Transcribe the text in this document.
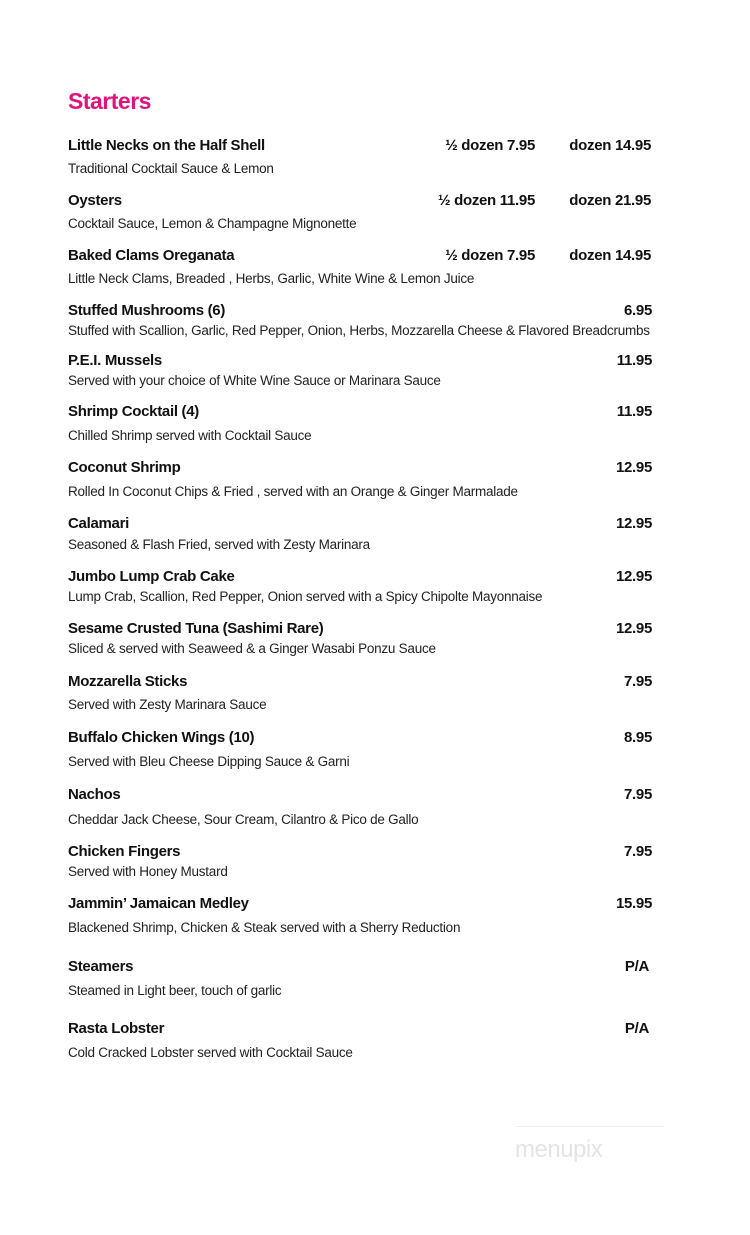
Starters
Little Necks on the Half Shell	½ dozen 7.95 dozen 14.95
Traditional Cocktail Sauce & Lemon
Oysters	½ dozen 11.95 dozen 21.95
Cocktail Sauce, Lemon & Champagne Mignonette
Baked Clams Oreganata	½ dozen 7.95 dozen 14.95
Little Neck Clams, Breaded , Herbs, Garlic, White Wine & Lemon Juice
Stuffed Mushrooms (6)	6.95
Stuffed with Scallion, Garlic, Red Pepper, Onion, Herbs, Mozzarella Cheese & Flavored Breadcrumbs
P.E.I. Mussels	11.95
Served with your choice of White Wine Sauce or Marinara Sauce
Shrimp Cocktail (4)	11.95
Chilled Shrimp served with Cocktail Sauce
Coconut Shrimp	12.95
Rolled In Coconut Chips & Fried , served with an Orange & Ginger Marmalade
Calamari	12.95
Seasoned & Flash Fried, served with Zesty Marinara
Jumbo Lump Crab Cake	12.95
Lump Crab, Scallion, Red Pepper, Onion served with a Spicy Chipolte Mayonnaise
Sesame Crusted Tuna (Sashimi Rare)	12.95
Sliced & served with Seaweed & a Ginger Wasabi Ponzu Sauce
Mozzarella Sticks	7.95
Served with Zesty Marinara Sauce
Buffalo Chicken Wings (10)	8.95
Served with Bleu Cheese Dipping Sauce & Garni
Nachos	7.95
Cheddar Jack Cheese, Sour Cream, Cilantro & Pico de Gallo
Chicken Fingers	7.95
Served with Honey Mustard
Jammin’ Jamaican Medley	15.95
Blackened Shrimp, Chicken & Steak served with a Sherry Reduction
Steamers	P/A
Steamed in Light beer, touch of garlic
Rasta Lobster	P/A
Cold Cracked Lobster served with Cocktail Sauce
menupix
